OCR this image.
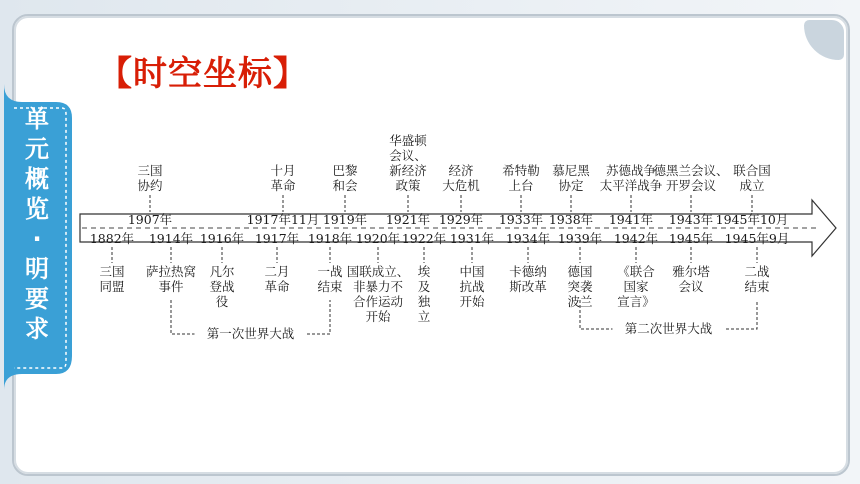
单
元
概
览
·
明
要
求
【时空坐标】
1907年
三国
协约
1917年11月
十月
革命
1919年
巴黎
和会
1921年
华盛顿
会议、
新经济
政策
1929年
经济
大危机
1933年
希特勒
上台
1938年
慕尼黑
协定
1941年
苏德战争
太平洋战争
1943年
德黑兰会议、
开罗会议
1945年10月
联合国
成立
1882年
三国
同盟
1914年
萨拉热窝
事件
1916年
凡尔
登战
役
1917年
二月
革命
1918年
一战
结束
1920年
国联成立、
非暴力不
合作运动
开始
1922年
埃
及
独
立
1931年
中国
抗战
开始
1934年
卡德纳
斯改革
1939年
德国
突袭
波兰
1942年
《联合
国家
宣言》
1945年
雅尔塔
会议
1945年9月
二战
结束
第一次世界大战	第二次世界大战
